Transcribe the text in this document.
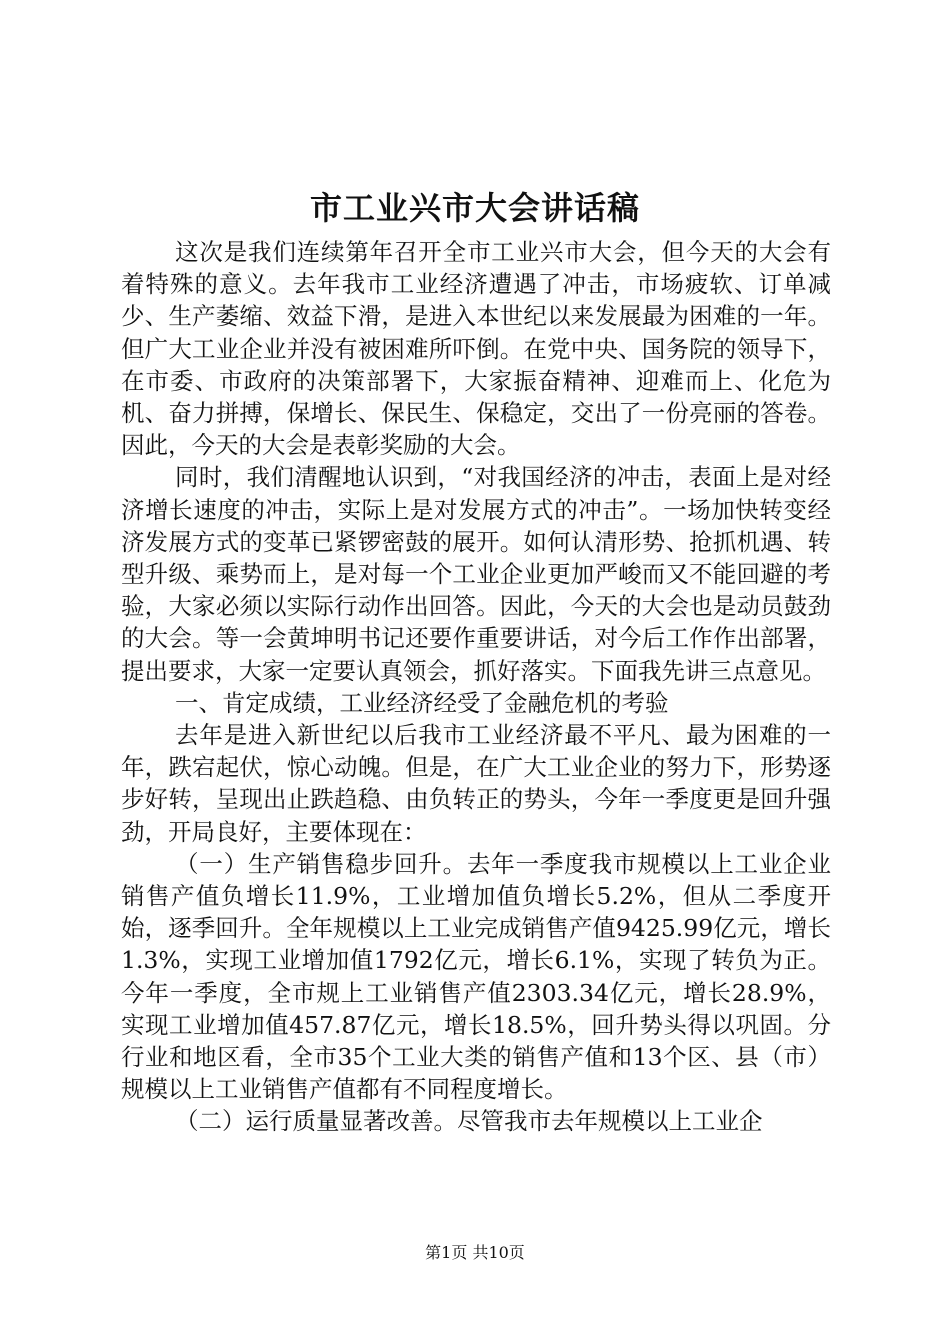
市工业兴市大会讲话稿

这次是我们连续第年召开全市工业兴市大会，但今天的大会有着特殊的意义。去年我市工业经济遭遇了冲击，市场疲软、订单减少、生产萎缩、效益下滑，是进入本世纪以来发展最为困难的一年。但广大工业企业并没有被困难所吓倒。在党中央、国务院的领导下，在市委、市政府的决策部署下，大家振奋精神、迎难而上、化危为机、奋力拼搏，保增长、保民生、保稳定，交出了一份亮丽的答卷。因此，今天的大会是表彰奖励的大会。

同时，我们清醒地认识到，“对我国经济的冲击，表面上是对经济增长速度的冲击，实际上是对发展方式的冲击”。一场加快转变经济发展方式的变革已紧锣密鼓的展开。如何认清形势、抢抓机遇、转型升级、乘势而上，是对每一个工业企业更加严峻而又不能回避的考验，大家必须以实际行动作出回答。因此，今天的大会也是动员鼓劲的大会。等一会黄坤明书记还要作重要讲话，对今后工作作出部署，提出要求，大家一定要认真领会，抓好落实。下面我先讲三点意见。

一、肯定成绩，工业经济经受了金融危机的考验

去年是进入新世纪以后我市工业经济最不平凡、最为困难的一年，跌宕起伏，惊心动魄。但是，在广大工业企业的努力下，形势逐步好转，呈现出止跌趋稳、由负转正的势头，今年一季度更是回升强劲，开局良好，主要体现在：

（一）生产销售稳步回升。去年一季度我市规模以上工业企业销售产值负增长11.9%，工业增加值负增长5.2%，但从二季度开始，逐季回升。全年规模以上工业完成销售产值9425.99亿元，增长1.3%，实现工业增加值1792亿元，增长6.1%，实现了转负为正。今年一季度，全市规上工业销售产值2303.34亿元，增长28.9%，实现工业增加值457.87亿元，增长18.5%，回升势头得以巩固。分行业和地区看，全市35个工业大类的销售产值和13个区、县（市）规模以上工业销售产值都有不同程度增长。

（二）运行质量显著改善。尽管我市去年规模以上工业企

第1页 共10页
